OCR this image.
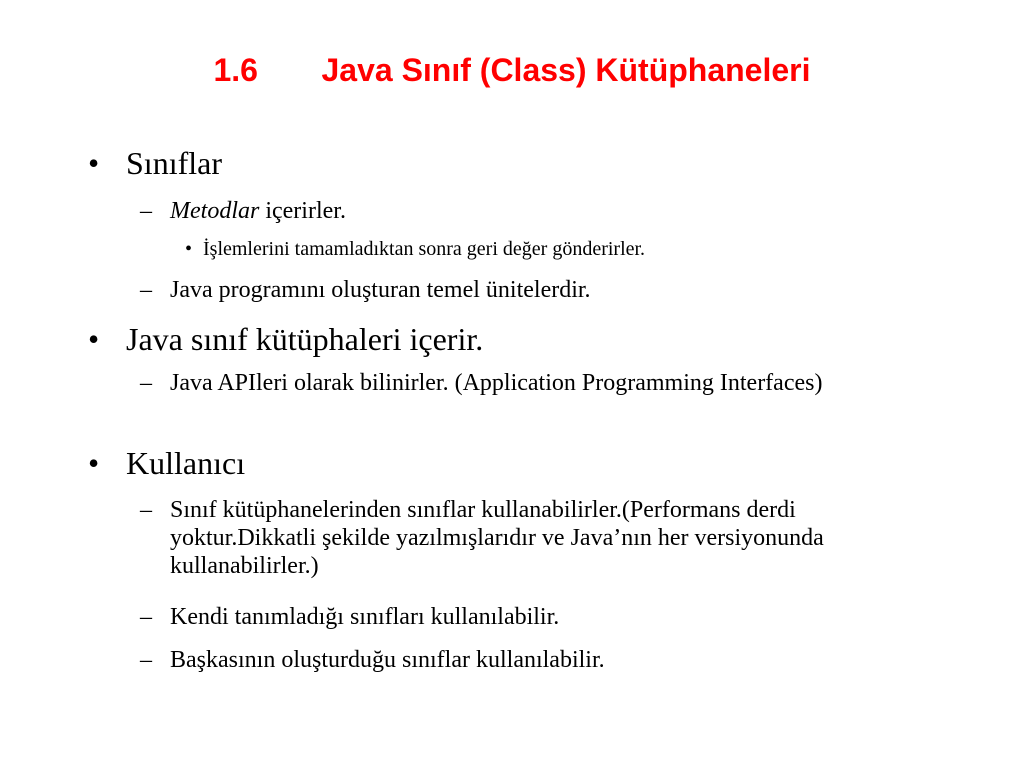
1.6 Java Sınıf (Class) Kütüphaneleri
• Sınıflar
– Metodlar içerirler.
• İşlemlerini tamamladıktan sonra geri değer gönderirler.
– Java programını oluşturan temel ünitelerdir.
• Java sınıf kütüphaleri içerir.
– Java APIleri olarak bilinirler. (Application Programming Interfaces)
• Kullanıcı
– Sınıf kütüphanelerinden sınıflar kullanabilirler.(Performans derdi yoktur.Dikkatli şekilde yazılmışlarıdır ve Java’nın her versiyonunda kullanabilirler.)
– Kendi tanımladığı sınıfları kullanılabilir.
– Başkasının oluşturduğu sınıflar kullanılabilir.
